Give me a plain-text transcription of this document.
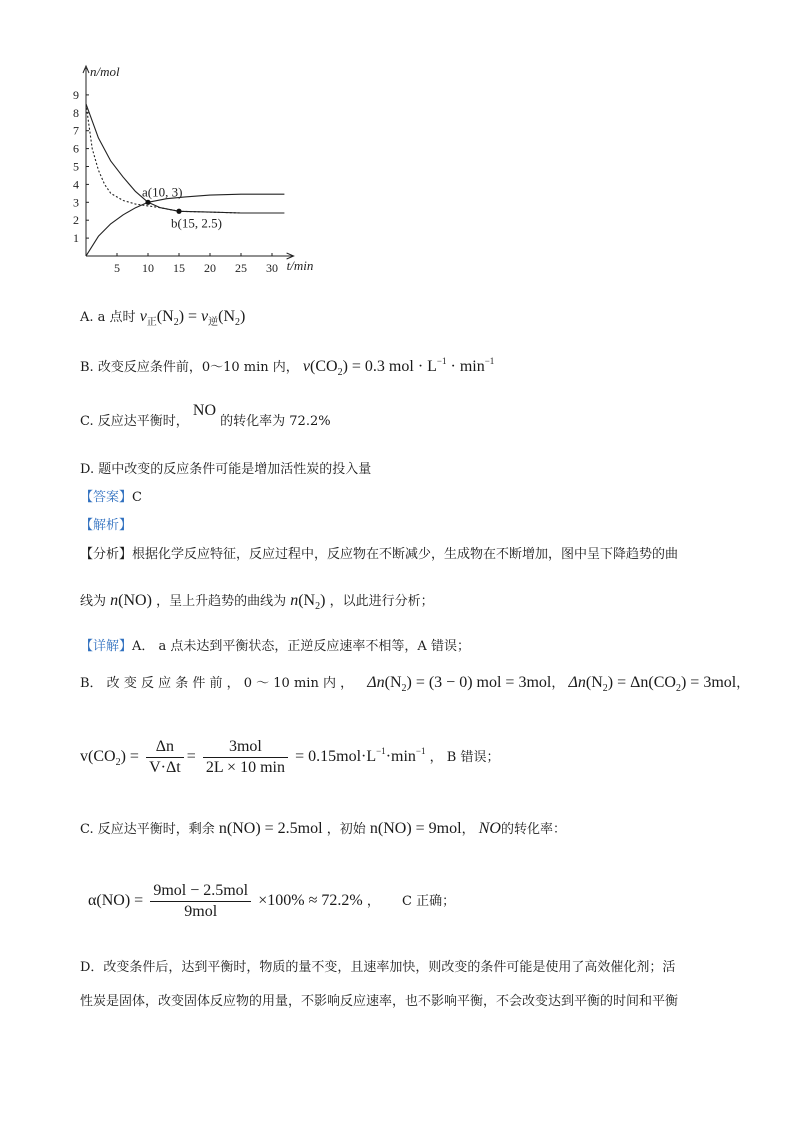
n/mol
t/min
1
2
3
4
5
6
7
8
9
5 10 15 20 25 30
a(10, 3)
b(15, 2.5)
A. a 点时 $v_正(N_2) = v_逆(N_2)$
B. 改变反应条件前，0～10 min 内， $v(CO_2) = 0.3$ mol · $L^{-1} \cdot \min^{-1}$
C. 反应达平衡时， NO 的转化率为 72.2%
D. 题中改变的反应条件可能是增加活性炭的投入量
【答案】C
【解析】
【分析】根据化学反应特征，反应过程中，反应物在不断减少，生成物在不断增加，图中呈下降趋势的曲
线为 n(NO) ，呈上升趋势的曲线为 $n(N_2)$ ，以此进行分析；
【详解】A． a 点未达到平衡状态，正逆反应速率不相等，A 错误；
B． 改 变 反 应 条 件 前 ， 0 ～ 10 min 内 ， $\Delta n(N_2) = (3 - 0)$ mol = 3mol， $\Delta n(N_2) = \Delta n(CO_2) = 3mol$，
$v(CO_2) = \frac{\Delta n}{V\cdot\Delta t} = \frac{\text{3mol}}{2L \times 10 \min} = 0.15mol\cdot L^{-1}\cdot\min^{-1}$ ， B 错误；
C. 反应达平衡时，剩余 n(NO) = 2.5mol ，初始 n(NO) = 9mol， NO的转化率：
$\alpha(NO) = \frac{\text{9mol − 2.5mol}}{\text{9mol}} \times 100\% \approx 72.2\%$ ， C 正确；
D．改变条件后，达到平衡时，物质的量不变，且速率加快，则改变的条件可能是使用了高效催化剂；活
性炭是固体，改变固体反应物的用量，不影响反应速率，也不影响平衡，不会改变达到平衡的时间和平衡
